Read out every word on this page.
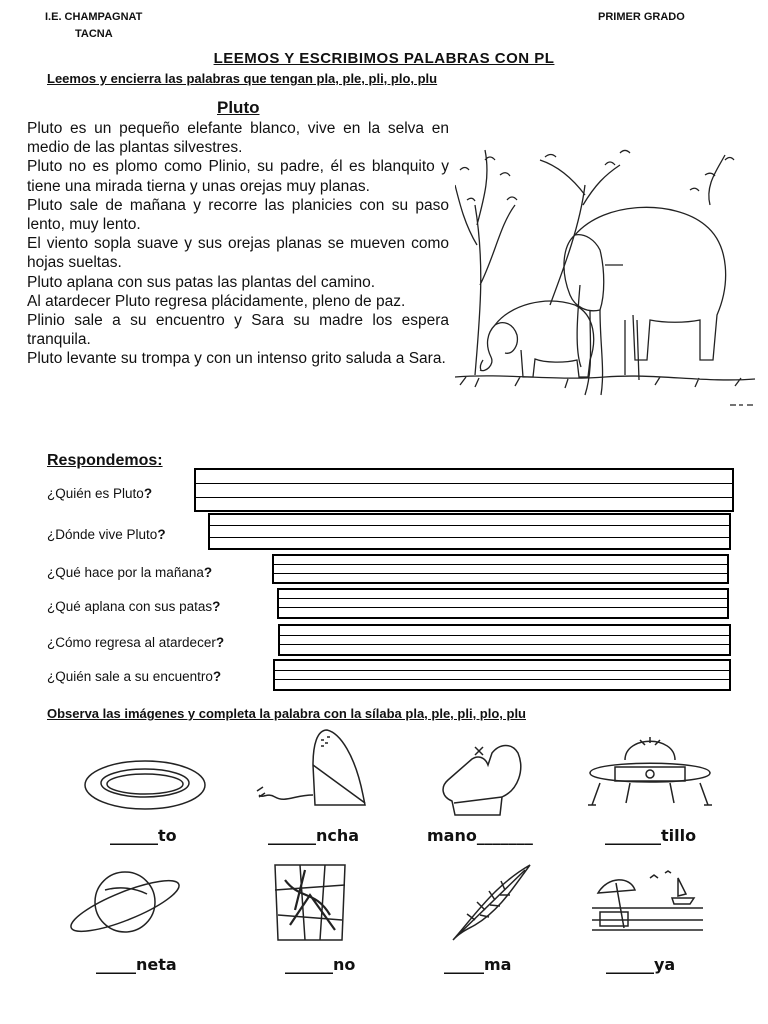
I.E. CHAMPAGNAT
TACNA
PRIMER GRADO
LEEMOS Y ESCRIBIMOS PALABRAS CON PL
Leemos y encierra las palabras que tengan pla, ple, pli, plo, plu
Pluto

Pluto es un pequeño elefante blanco, vive en la selva en medio de las plantas silvestres.

Pluto no es plomo como Plinio, su padre, él es blanquito y tiene una mirada tierna y unas orejas muy planas.

Pluto sale de mañana y recorre las planicies con su paso lento, muy lento.

El viento sopla suave y sus orejas planas se mueven como hojas sueltas.

Pluto aplana con sus patas las plantas del camino.

Al atardecer Pluto regresa plácidamente, pleno de paz.

Plinio sale a su encuentro y Sara su madre los espera tranquila.

Pluto levante su trompa y con un intenso grito saluda a Sara.

Respondemos:
¿Quién es Pluto?
¿Dónde vive Pluto?
¿Qué hace por la mañana?
¿Qué aplana con sus patas?
¿Cómo regresa al atardecer?
¿Quién sale a su encuentro?
Observa las imágenes y completa la palabra con la sílaba pla, ple, pli, plo, plu
______to	______ncha	mano_______	_______tillo
_____neta	______no	_____ma	______ya
